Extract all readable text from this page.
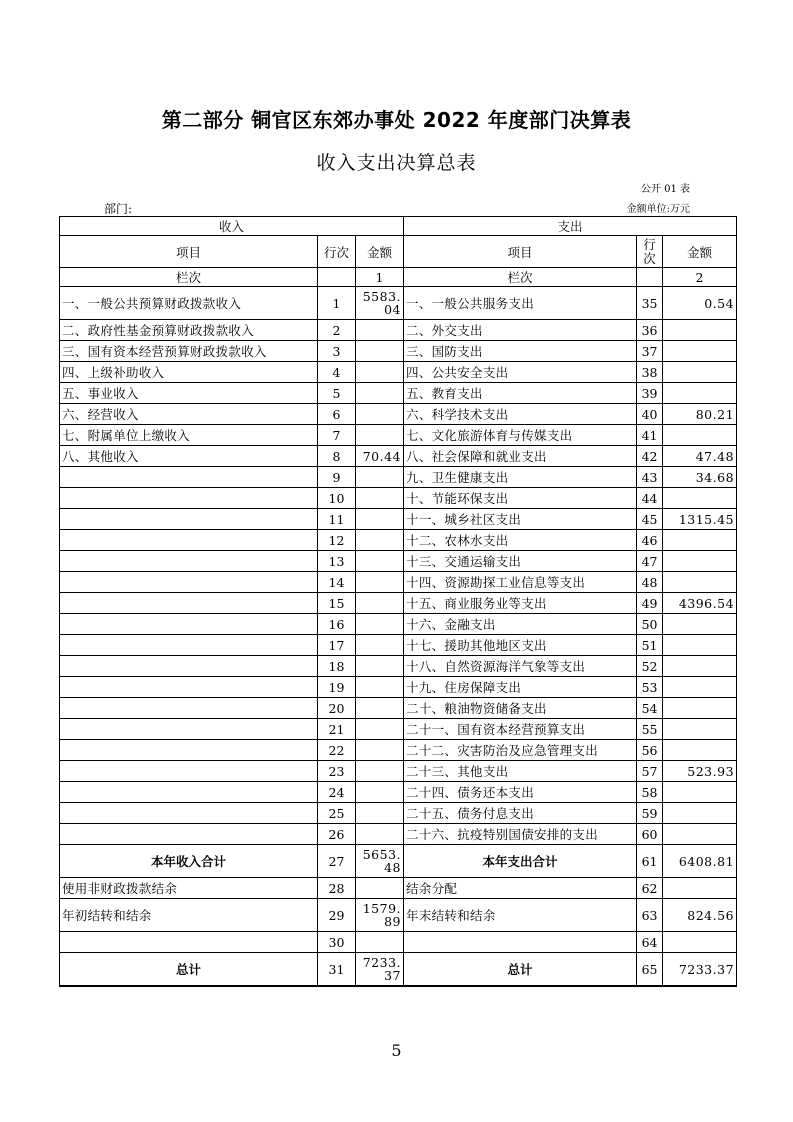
第二部分 铜官区东郊办事处 2022 年度部门决算表
收入支出决算总表
公开 01 表
部门:	金额单位:万元
收入			支出		
项目	行次	金额	项目	行次	金额
栏次		1	栏次		2
一、一般公共预算财政拨款收入	1	5583.04	一、一般公共服务支出	35	0.54
二、政府性基金预算财政拨款收入	2		二、外交支出	36	
三、国有资本经营预算财政拨款收入	3		三、国防支出	37	
四、上级补助收入	4		四、公共安全支出	38	
五、事业收入	5		五、教育支出	39	
六、经营收入	6		六、科学技术支出	40	80.21
七、附属单位上缴收入	7		七、文化旅游体育与传媒支出	41	
八、其他收入	8	70.44	八、社会保障和就业支出	42	47.48
	9		九、卫生健康支出	43	34.68
	10		十、节能环保支出	44	
	11		十一、城乡社区支出	45	1315.45
	12		十二、农林水支出	46	
	13		十三、交通运输支出	47	
	14		十四、资源勘探工业信息等支出	48	
	15		十五、商业服务业等支出	49	4396.54
	16		十六、金融支出	50	
	17		十七、援助其他地区支出	51	
	18		十八、自然资源海洋气象等支出	52	
	19		十九、住房保障支出	53	
	20		二十、粮油物资储备支出	54	
	21		二十一、国有资本经营预算支出	55	
	22		二十二、灾害防治及应急管理支出	56	
	23		二十三、其他支出	57	523.93
	24		二十四、债务还本支出	58	
	25		二十五、债务付息支出	59	
	26		二十六、抗疫特别国债安排的支出	60	
本年收入合计	27	5653.48	本年支出合计	61	6408.81
使用非财政拨款结余	28		结余分配	62	
年初结转和结余	29	1579.89	年末结转和结余	63	824.56
	30			64	
总计	31	7233.37	总计	65	7233.37
5
